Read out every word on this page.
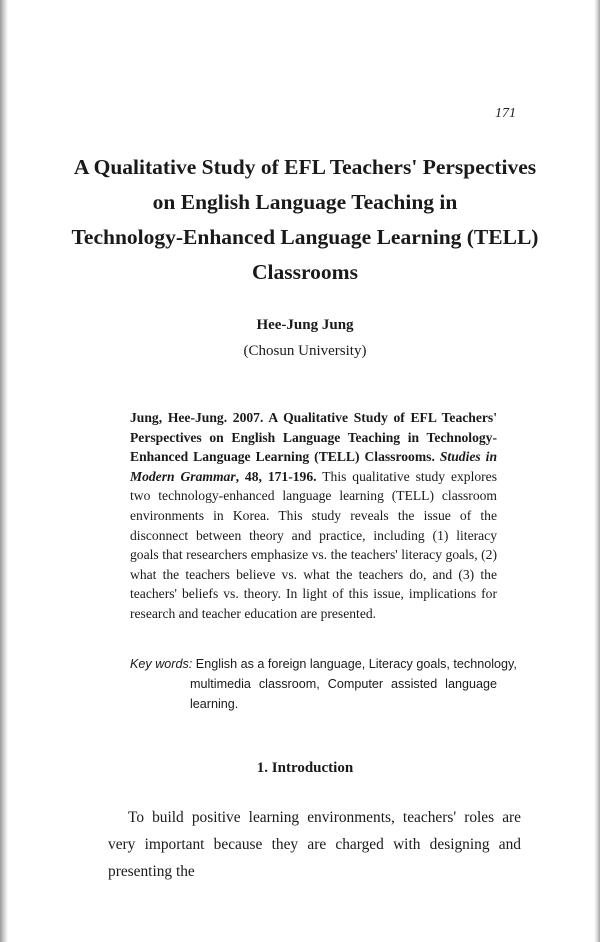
171
A Qualitative Study of EFL Teachers' Perspectives
on English Language Teaching in
Technology-Enhanced Language Learning (TELL)
Classrooms
Hee-Jung Jung
(Chosun University)
Jung, Hee-Jung. 2007. A Qualitative Study of EFL Teachers' Perspectives on English Language Teaching in Technology-Enhanced Language Learning (TELL) Classrooms. Studies in Modern Grammar, 48, 171-196. This qualitative study explores two technology-enhanced language learning (TELL) classroom environments in Korea. This study reveals the issue of the disconnect between theory and practice, including (1) literacy goals that researchers emphasize vs. the teachers' literacy goals, (2) what the teachers believe vs. what the teachers do, and (3) the teachers' beliefs vs. theory. In light of this issue, implications for research and teacher education are presented.
Key words: English as a foreign language, Literacy goals, technology,
multimedia classroom, Computer assisted language learning.
1. Introduction

To build positive learning environments, teachers' roles are very important because they are charged with designing and presenting the
